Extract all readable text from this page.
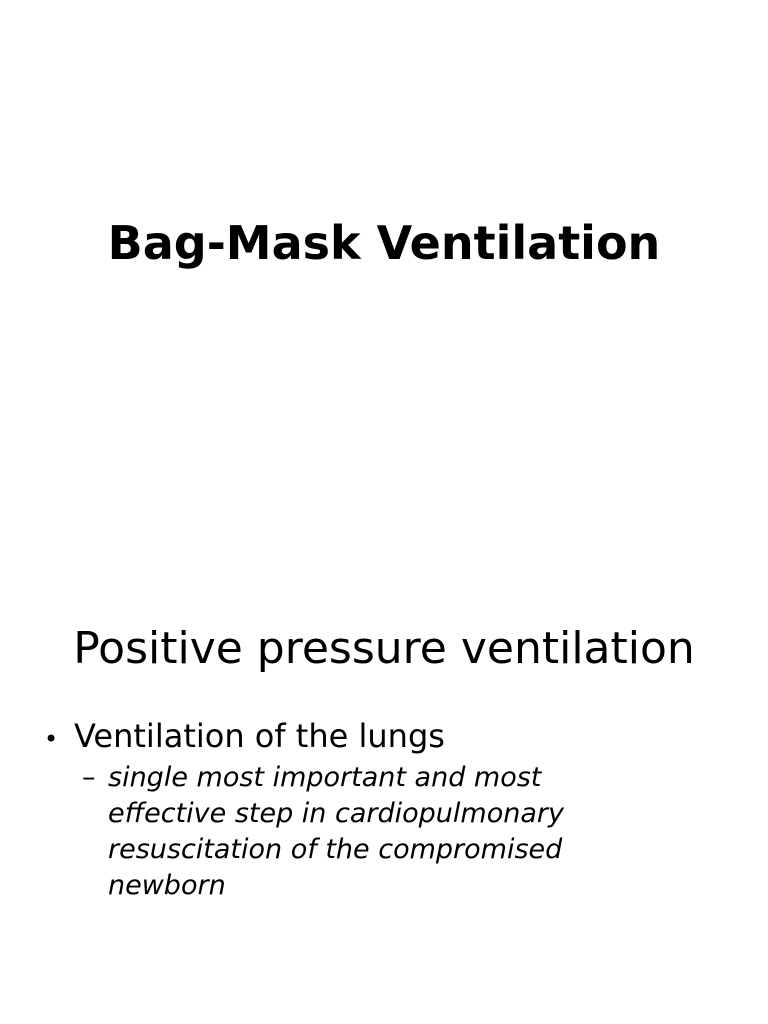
Bag-Mask Ventilation
Positive pressure ventilation
• Ventilation of the lungs
– single most important and most effective step in cardiopulmonary resuscitation of the compromised newborn
